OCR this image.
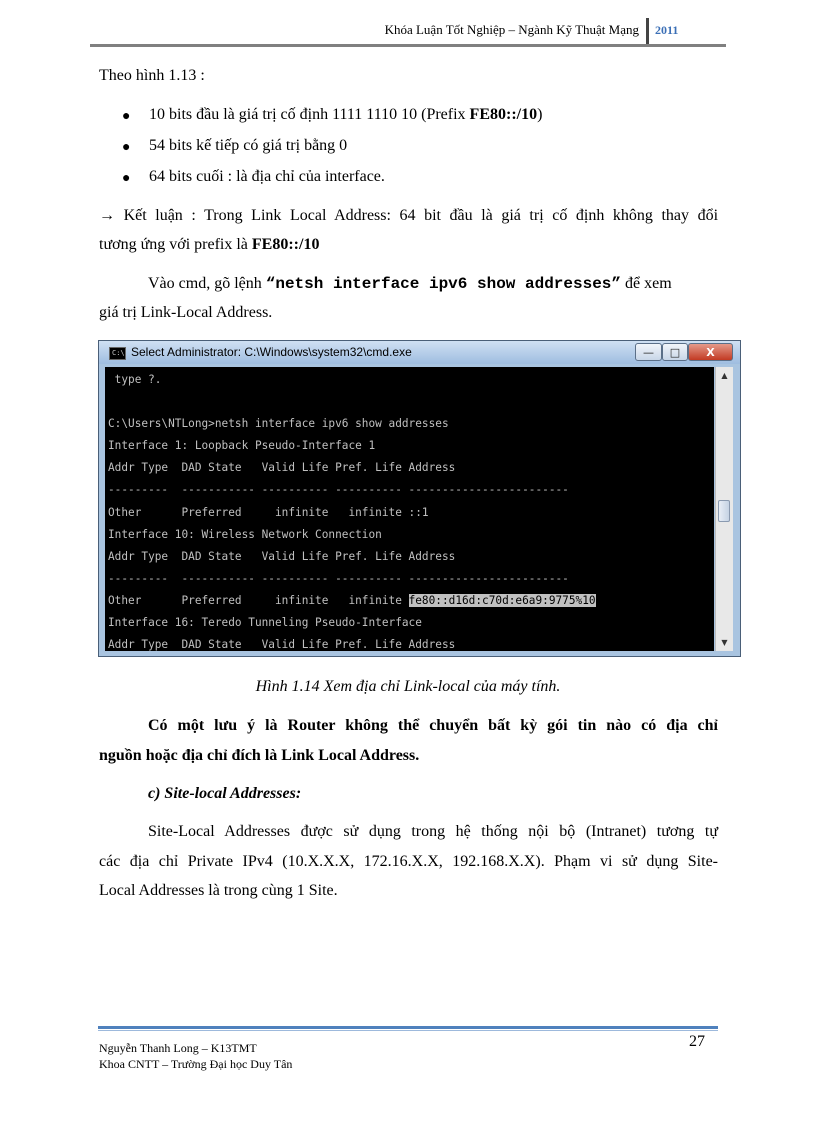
Khóa Luận Tốt Nghiệp – Ngành Kỹ Thuật Mạng 2011
Theo hình 1.13 :
● 10 bits đầu là giá trị cố định 1111 1110 10 (Prefix FE80::/10)
● 54 bits kế tiếp có giá trị bằng 0
● 64 bits cuối : là địa chỉ của interface.
→ Kết luận : Trong Link Local Address: 64 bit đầu là giá trị cố định không thay đổi
tương ứng với prefix là FE80::/10
Vào cmd, gõ lệnh “netsh interface ipv6 show addresses” để xem
giá trị Link-Local Address.
C:\ Select Administrator: C:\Windows\system32\cmd.exe	—	□	X
type ?.

C:\Users\NTLong>netsh interface ipv6 show addresses
Interface 1: Loopback Pseudo-Interface 1
Addr Type  DAD State   Valid Life Pref. Life Address
---------  ----------- ---------- ---------- ------------------------
Other      Preferred     infinite   infinite ::1
Interface 10: Wireless Network Connection
Addr Type  DAD State   Valid Life Pref. Life Address
---------  ----------- ---------- ---------- ------------------------
Other      Preferred     infinite   infinite fe80::d16d:c70d:e6a9:9775%10
Interface 16: Teredo Tunneling Pseudo-Interface
Addr Type  DAD State   Valid Life Pref. Life Address

▲
▼
Hình 1.14 Xem địa chỉ Link-local của máy tính.
Có một lưu ý là Router không thể chuyển bất kỳ gói tin nào có địa chỉ
nguồn hoặc địa chỉ đích là Link Local Address.
c) Site-local Addresses:
Site-Local Addresses được sử dụng trong hệ thống nội bộ (Intranet) tương tự
các địa chỉ Private IPv4 (10.X.X.X, 172.16.X.X, 192.168.X.X). Phạm vi sử dụng Site-
Local Addresses là trong cùng 1 Site.
Nguyễn Thanh Long – K13TMT
Khoa CNTT – Trường Đại học Duy Tân
27
